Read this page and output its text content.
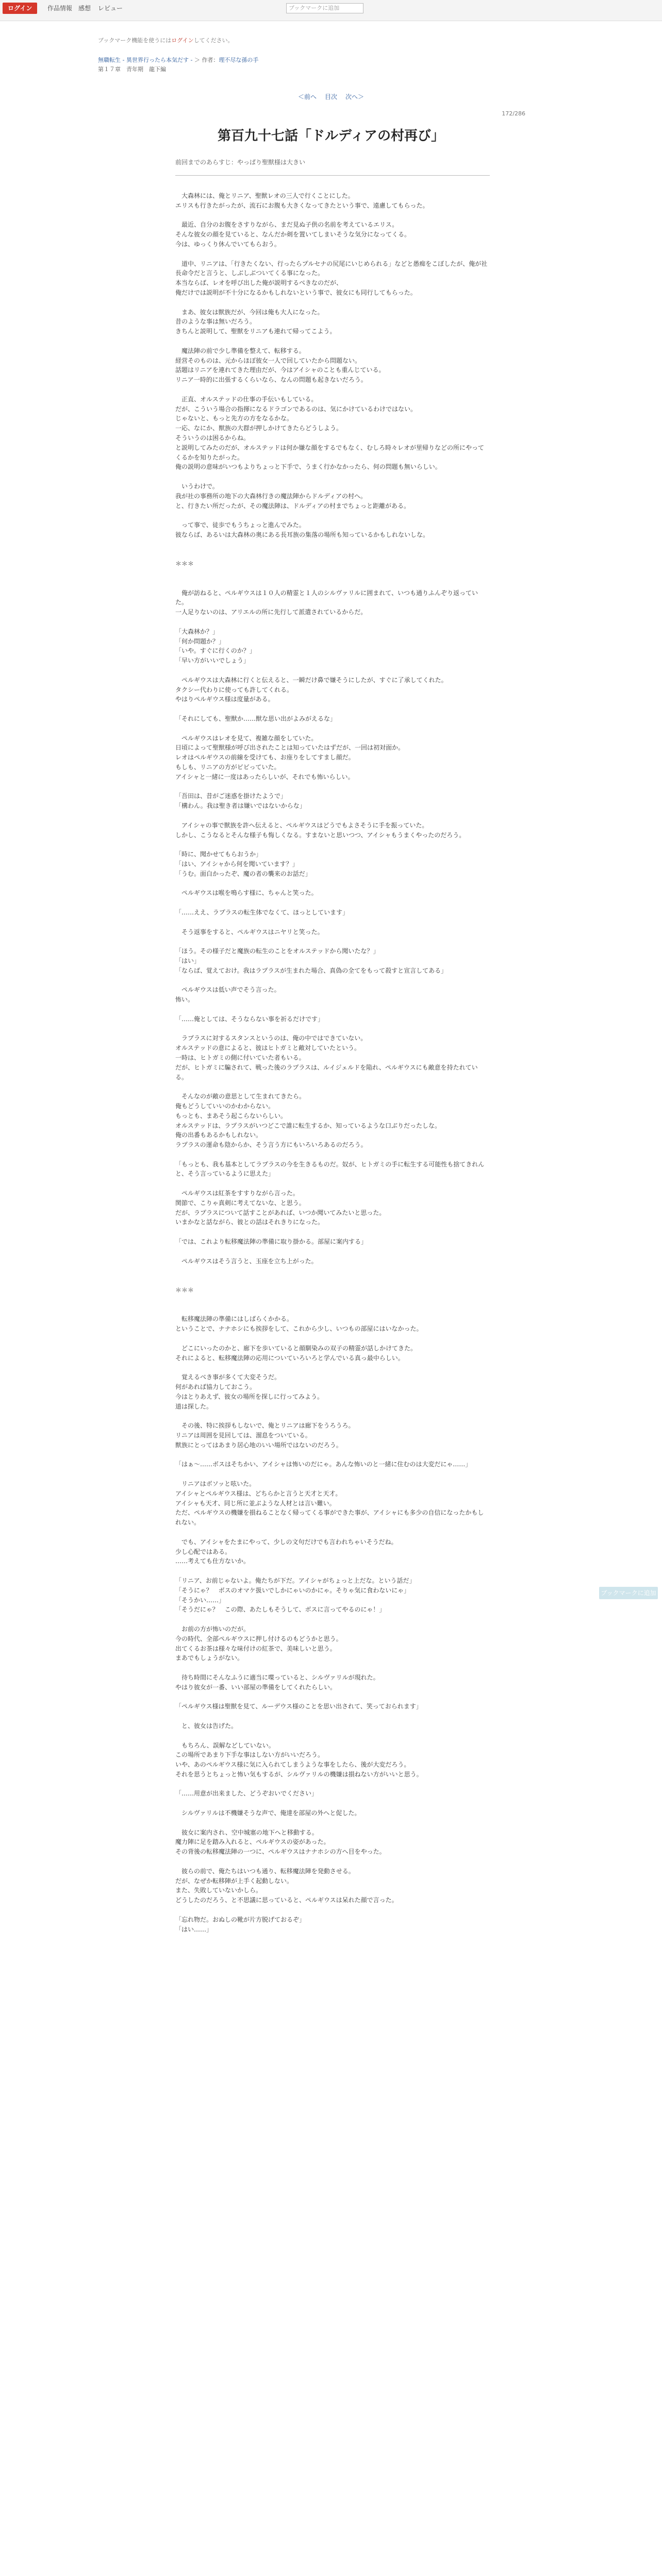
ログイン	作品情報 感想 レビュー	ブックマークに追加
ブックマーク機能を使うにはログインしてください。
無職転生 - 異世界行ったら本気だす - ＞ 作者：理不尽な孫の手
第１７章　青年期　龍下編
＜前へ 目次 次へ＞
172/286
第百九十七話「ドルディアの村再び」
前回までのあらすじ：やっぱり聖獣様は大きい
　大森林には、俺とリニア、聖獣レオの三人で行くことにした。
エリスも行きたがったが、流石にお腹も大きくなってきたという事で、遠慮してもらった。

　最近、自分のお腹をさすりながら、まだ見ぬ子供の名前を考えているエリス。
そんな彼女の顔を見ていると、なんだか剣を置いてしまいそうな気分になってくる。
今は、ゆっくり休んでいてもらおう。

　道中、リニアは、「行きたくない、行ったらプルセナの尻尾にいじめられる」などと愚痴をこぼしたが、俺が社長命令だと言うと、しぶしぶついてくる事になった。
本当ならば、レオを呼び出した俺が説明するべきなのだが、
俺だけでは説明が不十分になるかもしれないという事で、彼女にも同行してもらった。

　まあ、彼女は獣族だが、今回は俺も大人になった。
昔のような事は無いだろう。
きちんと説明して、聖獣をリニアも連れて帰ってこよう。

　魔法陣の前で少し準備を整えて、転移する。
経営そのものは、元からほぼ彼女一人で回していたから問題ない。
話題はリニアを連れてきた理由だが、今はアイシャのことも重んじている。
リニア一時的に出張するくらいなら、なんの問題も起きないだろう。

　正直、オルステッドの仕事の手伝いもしている。
だが、こういう場合の指揮になるドラゴンであるのは、気にかけているわけではない。
じゃないと、もっと先方の方をなるかな。
一応、なにか、獣族の大群が押しかけてきたらどうしよう。
そういうのは困るからね。
と説明してみたのだが、オルステッドは何か嫌な顔をするでもなく、むしろ時々レオが里帰りなどの所にやってくるかを知りたがった。
俺の説明の意味がいつもよりちょっと下手で、うまく行かなかったら、何の問題も無いらしい。

　いうわけで。
我が社の事務所の地下の大森林行きの魔法陣からドルディアの村へ。
と、行きたい所だったが、その魔法陣は、ドルディアの村までちょっと距離がある。

　って事で、徒歩でもうちょっと進んでみた。
彼ならば、あるいは大森林の奥にある長耳族の集落の場所も知っているかもしれないしな。

＊＊＊

　俺が訪ねると、ペルギウスは１０人の精霊と１人のシルヴァリルに囲まれて、いつも通りふんぞり返っていた。
一人足りないのは、アリエルの所に先行して派遣されているからだ。

「大森林か？」
「何か問題か？」
「いや。すぐに行くのか？」
「早い方がいいでしょう」

　ペルギウスは大森林に行くと伝えると、一瞬だけ鼻で嫌そうにしたが、すぐに了承してくれた。
タクシー代わりに使っても許してくれる。
やはりペルギウス様は度量がある。

「それにしても、聖獣か……獣な思い出がよみがえるな」

　ペルギウスはレオを見て、複雑な顔をしていた。
日頃によって聖獣様が呼び出されたことは知っていたはずだが、一回は初対面か。
レオはペルギウスの前線を受けても、お座りをしてすまし顔だ。
もしも、リニアの方がビビっていた。
アイシャと一緒に一度はあったらしいが、それでも怖いらしい。

「吾田は、昔がご迷惑を掛けたようで」
「構わん。我は聖き者は嫌いではないからな」

　アイシャの事で獣族を許へ伝えると、ペルギウスはどうでもよさそうに手を振っていた。
しかし、こうなるとそんな様子も悔しくなる。すまないと思いつつ、アイシャもうまくやったのだろう。

「時に、聞かせてもらおうか」
「はい、アイシャから何を聞いています？」
「うむ。面白かったぞ、魔の者の襲来のお話だ」

　ペルギウスは喉を鳴らす様に、ちゃんと笑った。

「……ええ、ラプラスの転生体でなくて、ほっとしています」

　そう返事をすると、ペルギウスはニヤリと笑った。

「ほう。その様子だと魔族の転生のことをオルステッドから聞いたな？」
「はい」
「ならば、覚えておけ。我はラプラスが生まれた場合、真偽の全てをもって殺すと宣言してある」

　ペルギウスは低い声でそう言った。
怖い。

「……俺としては、そうならない事を祈るだけです」

　ラプラスに対するスタンスというのは、俺の中ではできていない。
オルステッドの意によると、彼はヒトガミと敵対していたという。
一時は、ヒトガミの側に付いていた者もいる。
だが、ヒトガミに騙されて、戦った後のラプラスは、ルイジェルドを陥れ、ペルギウスにも敵意を持たれている。

　そんなのが敵の意思として生まれてきたら。
俺もどうしていいのかわからない。
もっとも、まあそう起こらないらしい。
オルステッドは、ラプラスがいつどこで誰に転生するか、知っているような口ぶりだったしな。
俺の出番もあるかもしれない。
ラプラスの運命も陰からか、そう言う方にもいろいろあるのだろう。

「もっとも、我も基本としてラプラスの今を生きるものだ。奴が、ヒトガミの手に転生する可能性も捨てきれんと、そう言っているように思えた」

　ペルギウスは紅茶をすすりながら言った。
関節で、こりゃ真剣に考えてないな、と思う。
だが、ラプラスについて話すことがあれば、いつか聞いてみたいと思った。
いまかなと話ながら、彼との話はそれきりになった。

「では、これより転移魔法陣の準備に取り掛かる。部屋に案内する」

　ペルギウスはそう言うと、玉座を立ち上がった。

＊＊＊

　転移魔法陣の準備にはしばらくかかる。
ということで、ナナホシにも挨拶をして、これから少し、いつもの部屋にはいなかった。

　どこにいったのかと、廊下を歩いていると顔馴染みの双子の精霊が話しかけてきた。
それによると、転移魔法陣の応用についていろいろと学んでいる真っ最中らしい。

　覚えるべき事が多くて大変そうだ。
何があれば協力しておこう。
今はとりあえず、彼女の場所を探しに行ってみよう。
道は探した。

　その後、特に挨拶もしないで、俺とリニアは廊下をうろうろ。
リニアは周囲を見回しては、溜息をついている。
獣族にとってはあまり居心地のいい場所ではないのだろう。

「はぁ～……ボスはそちかい、アイシャは怖いのだにゃ。あんな怖いのと一緒に住むのは大変だにゃ……」

　リニアはボソッと呟いた。
アイシャとペルギウス様は、どちらかと言うと天才と天才。
アイシャも天才、同じ所に並ぶような人材とは言い難い。
ただ、ペルギウスの機嫌を損ねることなく帰ってくる事ができた事が、アイシャにも多少の自信になったかもしれない。

　でも、アイシャをたまにやって、少しの文句だけでも言われちゃいそうだね。
少し心配ではある。
……考えても仕方ないか。

「リニア、お前じゃないよ。俺たちが下だ。アイシャがちょっと上だな。という話だ」
「そうにゃ？　ボスのオマケ扱いでしかにゃいのかにゃ。そりゃ気に食わないにゃ」
「そうかい……」
「そうだにゃ？　この際、あたしもそうして、ボスに言ってやるのにゃ！」

　お前の方が怖いのだが。
今の時代、全部ペルギウスに押し付けるのもどうかと思う。
出てくるお茶は様々な味付けの紅茶で、美味しいと思う。
まあでもしょうがない。

　待ち時間にそんなふうに適当に喋っていると、シルヴァリルが現れた。
やはり彼女が一番、いい部屋の準備をしてくれたらしい。

「ペルギウス様は聖獣を見て、ルーデウス様のことを思い出されて、笑っておられます」

　と、彼女は告げた。

　もちろん、誤解などしていない。
この場所であまり下手な事はしない方がいいだろう。
いや、あのペルギウス様に気に入られてしまうような事をしたら、後が大変だろう。
それを思うとちょっと怖い気もするが、シルヴァリルの機嫌は損ねない方がいいと思う。

「……用意が出来ました、どうぞおいでください」

　シルヴァリルは不機嫌そうな声で、俺達を部屋の外へと促した。

　彼女に案内され、空中城塞の地下へと移動する。
魔力陣に足を踏み入れると、ペルギウスの姿があった。
その背後の転移魔法陣の一つに、ペルギウスはナナホシの方へ目をやった。

　彼らの前で、俺たちはいつも通り、転移魔法陣を発動させる。
だが、なぜか転移陣が上手く起動しない。
また、失敗していないかしら。
どうしたのだろう、と不思議に思っていると、ペルギウスは呆れた顔で言った。

「忘れ物だ。おぬしの靴が片方脱げておるぞ」
「はい……」
ブックマークに追加
